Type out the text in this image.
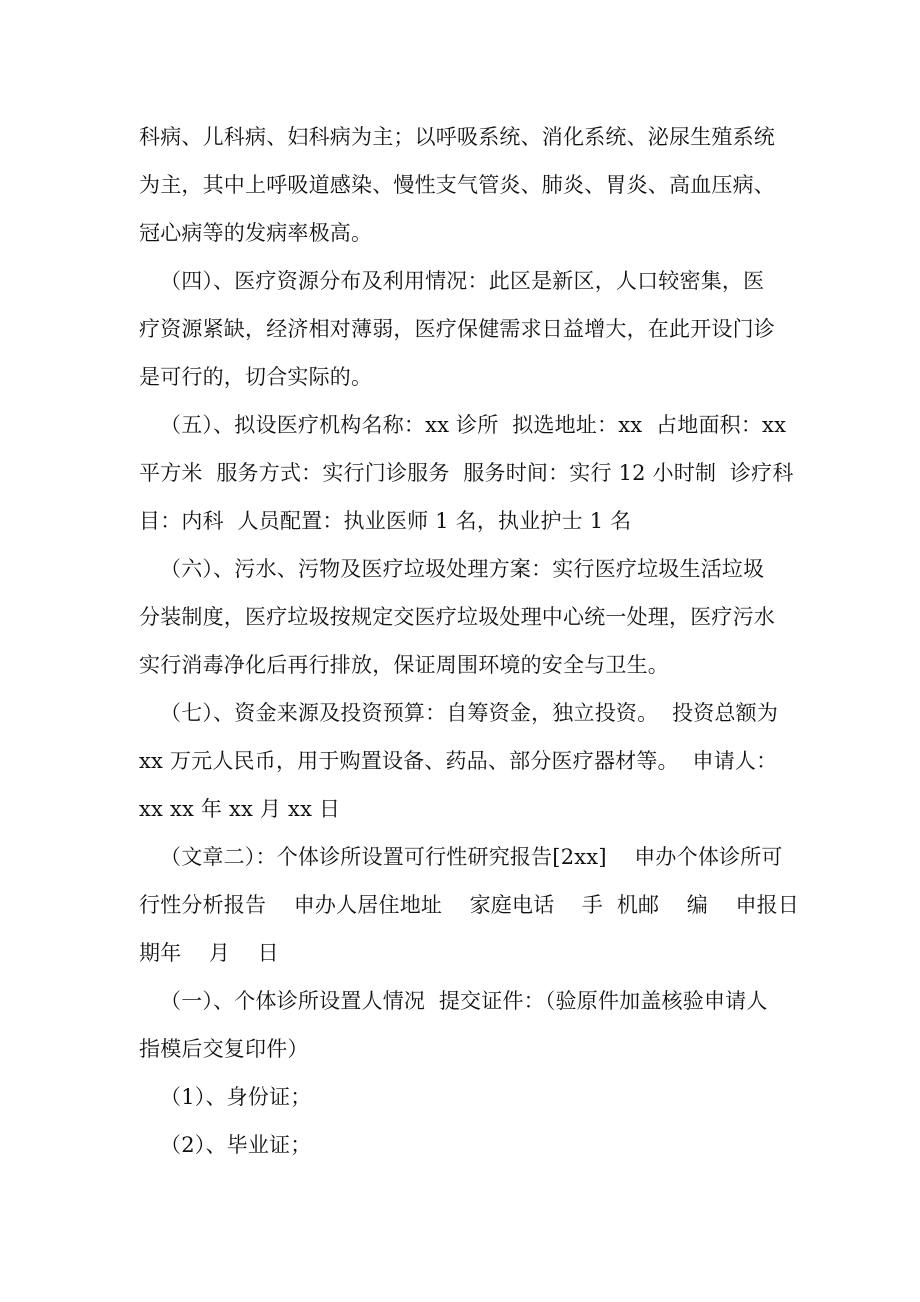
科病、儿科病、妇科病为主；以呼吸系统、消化系统、泌尿生殖系统
为主，其中上呼吸道感染、慢性支气管炎、肺炎、胃炎、高血压病、
冠心病等的发病率极高。
（四）、医疗资源分布及利用情况：此区是新区，人口较密集，医
疗资源紧缺，经济相对薄弱，医疗保健需求日益增大，在此开设门诊
是可行的，切合实际的。
（五）、拟设医疗机构名称：xx 诊所  拟选地址：xx  占地面积：xx
平方米  服务方式：实行门诊服务  服务时间：实行 12 小时制  诊疗科
目：内科  人员配置：执业医师 1 名，执业护士 1 名
（六）、污水、污物及医疗垃圾处理方案：实行医疗垃圾生活垃圾
分装制度，医疗垃圾按规定交医疗垃圾处理中心统一处理，医疗污水
实行消毒净化后再行排放，保证周围环境的安全与卫生。
（七）、资金来源及投资预算：自筹资金，独立投资。  投资总额为
xx 万元人民币，用于购置设备、药品、部分医疗器材等。  申请人：
xx xx 年 xx 月 xx 日
（文章二）：个体诊所设置可行性研究报告[2xx]    申办个体诊所可
行性分析报告    申办人居住地址    家庭电话    手  机邮    编    申报日
期年    月    日
（一）、个体诊所设置人情况  提交证件：（验原件加盖核验申请人
指模后交复印件）
（1）、身份证；
（2）、毕业证；
